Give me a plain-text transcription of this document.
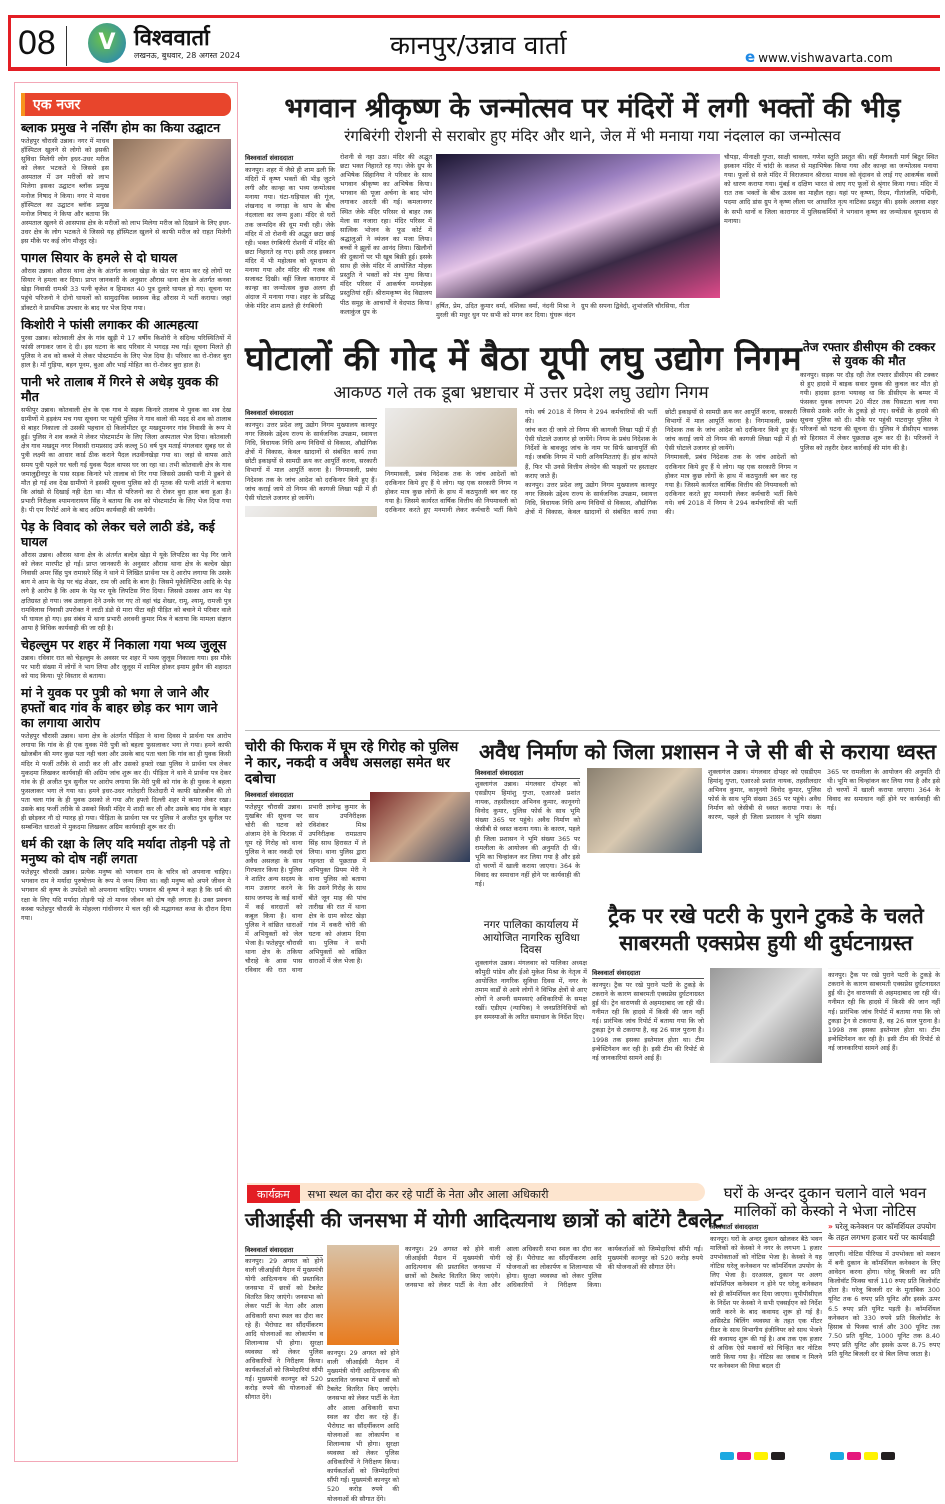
08	V विश्ववार्ता
लखनऊ, बुधवार, 28 अगस्त 2024	कानपुर/उन्नाव वार्ता	e www.vishwavarta.com
एक नजर
ब्लाक प्रमुख ने नर्सिंग होम का किया उद्घाटन
फतेहपुर चौरासी उन्नाव। नगर में माधव हॉस्पिटल खुलने से लोगो को इसकी सुविधा मिलेगी लोग इधर-उधर मरीज को लेकर भटकते थे जिससे इस अस्पताल में उन मरीजों को लाभ मिलेगा इसका उद्घाटन ब्लॉक प्रमुख मनोज निषाद ने किया। नगर मे माधव हॉस्पिटल का उद्घाटन ब्लॉक प्रमुख मनोज निषाद ने किया और बताया कि अस्पताल खुलने से आसपास क्षेत्र के मरीजों को लाभ मिलेगा मरीज को दिखाने के लिए इधर-उधर क्षेत्र के लोग भटकते थे जिससे यह हॉस्पिटल खुलने से काफी मरीज को राहत मिलेगी इस मौके पर कई लोग मौजूद रहे।
पागल सियार के हमले से दो घायल
औरास उन्नाव। औरास थाना क्षेत्र के अंतर्गत कनवा खेड़ा के खेत पर काम कर रहे लोगों पर सियार ने हमला कर दिया। प्राप्त जानकारी के अनुसार औरास थाना क्षेत्र के अंतर्गत कनवा खेड़ा निवासी रामश्री 33 पत्नी बृजेश व हिमावत 40 पुत्र दुलारे घायल हो गए। सूचना पर पहुंचे परिजनो ने दोनो घायलों को सामुदायिक स्वास्थ्य केंद्र औरास मे भर्ती कराया। जहां डॉक्टरो ने प्राथमिक उपचार के बाद घर भेज दिया गया।
किशोरी ने फांसी लगाकर की आत्महत्या
पुरवा उन्नाव। कोतवाली क्षेत्र के गांव खुड़ी मे 17 वर्षीय किशोरी ने संदिग्ध परिस्थितियों में फांसी लगाकर जान दे दी। इस घटना के बाद परिवार मे भगदड़ मच गई। सूचना मिलते ही पुलिस ने शव को कब्जे मे लेकर पोस्टमार्टम के लिए भेज दिया है। परिवार का रो-रोकर बुरा हाल है। माँ गुड़िया, बहन पूनम, बुआ और भाई मोहित का रो-रोकर बुरा हाल है।
पानी भरे तालाब में गिरने से अधेड़ युवक की मौत
सफीपुर उन्नाव। कोतवाली क्षेत्र के एक गाव मे सड़क किनारे तालाब मे युवक का शव देख ग्रामीणों मे हड़कंप मच गया सूचना पर पहुंची पुलिस ने गाव वालो की मदद से शव को तालाब से बाहर निकाला तो उसकी पहचान दो किलोमीटर दूर मखदूमनगर गांव निवासी के रूप मे हुई। पुलिस ने शव कब्जे मे लेकर पोस्टमार्टम के लिए जिला अस्पताल भेज दिया। कोतवाली क्षेत्र गाव मखदूम नगर निवासी रामप्रसाद उर्फ कल्लू 50 वर्ष पुत्र मताई मंगलवार सुबह घर से पुत्री लक्ष्मी का आधार कार्ड ठीक कराने पैदल लउवीनखेड़ा गया था। जहां से वापस आते समय पुत्री पहले घर चली गई युवक पैदल वापस घर जा रहा था। तभी कोतवाली क्षेत्र के गाव जमालुद्दीनपुर के पास सड़क किनारे भरे तालाब वो गिर गया जिससे उसकी पानी मे डूबने से मौत हो गई शव देख ग्रामीणो ने इसकी सूचना पुलिस को दी मृतक की पत्नी शांती ने बताया कि आंखो से दिखाई नही देता था। मौत से परिजनो का रो रोकर बुरा हाल बना हुआ है। प्रभारी निरीक्षक श्यामनारायण सिंह ने बताया कि शव को पोस्टमार्टम के लिए भेज दिया गया है। पी एम रिपोर्ट आने के बाद अग्रिम कार्यवाही की जायेगी।
पेड़ के विवाद को लेकर चले लाठी डंडे, कई घायल
औरास उन्नाव। औरास थाना क्षेत्र के अंतर्गत बल्देव खेड़ा मे यूके लिपटिस का पेड़ गिर जाने को लेकर मारपीट हो गई। प्राप्त जानकारी के अनुसार औरास थाना क्षेत्र के बल्देव खेड़ा निवासी अमर सिंह पुत्र रामासरे सिंह ने थाने मे लिखित प्रार्थना पत्र दे आरोप लगाया कि उसके बाग मे आम के पेड़ पर चंद्र शेखर, राम जी आदि के बाग है। जिसमे यूकेलिप्टिस आदि के पेड़ लगे है आरोप है कि आम के पेड़ पर यूके लिपटिस गिरा दिया। जिससे उसका आम का पेड़ क्षतिग्रस्त हो गया। जब उलाहना देने उनके घर गए तो वहां चंद्र शेखर, रामू, श्यामू, रामजी पुत्र रामविलास निवासी उपरोक्त ने लाठी डंडो से मारा पीटा वही पीड़ित को बचाने मे परिवार वाले भी घायल हो गए। इस संबंध मे थाना प्रभारी अरवनी कुमार मिश्र ने बताया कि मामला संज्ञान आया है विधिक कार्यवाही की जा रही है।
चेहल्लुम पर शहर में निकाला गया भव्य जुलूस
उन्नाव। रविवार रात को चेहल्लुम के अवसर पर शहर में भव्य जुलूस निकाला गया। इस मौके पर भारी संख्या में लोगों ने भाग लिया और जुलूस में शामिल होकर इमाम हुसैन की शहादत को याद किया। पूरे विस्तार से बताया।
मां ने युवक पर पुत्री को भगा ले जाने और हफ्तों बाद गांव के बाहर छोड़ कर भाग जाने का लगाया आरोप
फतेहपुर चौरासी उन्नाव। थाना क्षेत्र के अंतर्गत पीड़िता ने थाना दिवस मे प्रार्थना पत्र आरोप लगाया कि गांव के ही एक युवक मेरी पुत्री को बहला फुसलाकर भगा ले गया। हमने काफी खोजबीन की मगर कुछ पता नही चला और उसके बाद पता चला कि गांव का ही युवक किसी मंदिर मे फर्जी तरीके से शादी कर ली और उसको हफ्तो रखा पुलिस ने प्रार्थना पत्र लेकर मुकदमा लिखकर कार्यवाही की अग्रिम जांच शुरू कर दी। पीड़िता ने थाने मे प्रार्थना पत्र देकर गांव के ही अजीत पुत्र सुनील पर आरोप लगाया कि मेरी पुत्री को गांव के ही युवक ने बहला फुसलाकर भगा ले गया था। हमने इधर-उधर नातेदारी रिश्तेदारी मे काफी खोजबीन की तो पता चला गांव के ही युवक उसको ले गया और हफ्तो दिल्ली शहर मे कमरा लेकर रखा। उसके बाद फर्जी तरीके से उसको किसी मंदिर मे शादी कर ली और उसके बाद गांव के बाहर ही छोड़कर नौ दो ग्यारह हो गया। पीड़िता के प्रार्थना पत्र पर पुलिस ने अजीत पुत्र सुनील पर सम्बन्धित धाराओ मे मुकदमा लिखकर अग्रिम कार्यवाही शुरू कर दी।
धर्म की रक्षा के लिए यदि मर्यादा तोड़नी पड़े तो मनुष्य को दोष नहीं लगता
फतेहपुर चौरासी उन्नाव। प्रत्येक मनुष्य को भगवान राम के चरित्र को अपनाना चाहिए। भगवान राम ने मर्यादा पुरुषोत्तम के रूप मे जन्म लिया था। वही मनुष्य को अपने जीवन मे भगवान श्री कृष्ण के उपदेशो को अपनाना चाहिए। भगवान श्री कृष्ण ने कहा है कि धर्म की रक्षा के लिए यदि मर्यादा तोड़नी पड़े तो मानव जीवन को दोष नही लगता है। उक्त प्रवचन कस्बा फतेहपुर चौरासी के मोहल्ला गांधीनगर मे चल रही श्री मद्भागवत कथा के दौरान दिया गया।
भगवान श्रीकृष्ण के जन्मोत्सव पर मंदिरों में लगी भक्तों की भीड़
रंगबिरंगी रोशनी से सराबोर हुए मंदिर और थाने, जेल में भी मनाया गया नंदलाल का जन्मोत्सव
विश्ववार्ता संवाददाता
कानपुर। शहर में जैसे ही शाम ढली कि मंदिरों में कृष्ण भक्तों की भीड़ जुटने लगी और कान्हा का भव्य जन्मोत्सव मनाया गया। घंटा-घड़ियाल की गूंज, शंखनाद व नगाड़ा के थाप के बीच नंदलाला का जन्म हुआ। मंदिर से घरों तक जन्मदिन की धूम मची रही। जेके मंदिर में तो रोशनी की अद्भुत छटा छाई रही। भक्त रंगबिरंगी रोशनी में मंदिर की छटा निहारते रह गए। इसी तरह इस्कान मंदिर में भी महोत्सव को धूमधाम से मनाया गया और मंदिर की गजब की सजावट दिखी। वहीं जिला कारागार में कान्हा का जन्मोत्सव कुछ अलग ही अंदाज में मनाया गया। शहर के प्रसिद्ध जेके मंदिर शाम ढलते ही रंगबिरंगी
रोशनी से नहा उठा। मंदिर की अद्भुत छटा भक्त निहारते रह गए। जेके ग्रुप के अभिषेक सिंहानिया ने परिवार के साथ भगवान श्रीकृष्ण का अभिषेक किया। भगवान की पूजा अर्चना के बाद भोग लगाकर आरती की गई। कमलानगर स्थित जेके मंदिर परिसर से बाहर तक मेला सा नजारा रहा। मंदिर परिसर में सात्विक भोजन के फूड कोर्ट में श्रद्धालुओं ने व्यंजन का मजा लिया। बच्चों ने झूलों का आनंद लिया। खिलौनों की दुकानों पर भी खूब बिक्री हुई। इसके साथ ही जेके मंदिर में आयोजित मोहक प्रस्तुति ने भक्तों को मंत्र मुग्ध किया। मंदिर परिसर में आकर्षण मनमोहक प्रस्तुतियां रहीं। श्रीरामकृष्ण वेद विद्यालय पीठ समूह के आचार्यों ने वेदपाठ किया। कलाकुंज ग्रुप के
हर्षित, प्रेम, उदित कुमार वर्मा, वंशिका वर्मा, नंदनी मिश्रा ने मुरली की मधुर धुन पर सभी को मगन कर दिया। घुंघरू वंदन ग्रुप की सपना द्विवेदी, शुभांजलि चौरसिया, गीता
चौपड़ा, मीनाक्षी गुप्ता, साक्षी चावला, गणेश स्तुति प्रस्तुत की। वहीं मैनावती मार्ग बिठूर स्थित इस्कान मंदिर में चांदी के कलश से महाभिषेक किया गया और कान्हा का जन्मोत्सव मनाया गया। फूलों से सजे मंदिर में विराजमान श्रीराधा माधव को वृंदावन से लाई गए आकर्षक वस्त्रों को धारण कराया गया। मुंबई व दक्षिण भारत से लाए गए फूलों से श्रृंगार किया गया। मंदिर में रात तक भक्तों के बीच उत्सव का माहौल रहा। यहां पर कृष्णा, रिदम, गीतांजलि, पद्मिनी, पदमा आदि डांस ग्रुप ने कृष्ण लीला पर आधारित नृत्य नाटिका प्रस्तुत की। इसके अलावा शहर के सभी थानों व जिला कारागार में पुलिसकर्मियों ने भगवान कृष्ण का जन्मोत्सव धूमधाम से मनाया।
घोटालों की गोद में बैठा यूपी लघु उद्योग निगम
आकण्ठ गले तक डूबा भ्रष्टाचार में उत्तर प्रदेश लघु उद्योग निगम
विश्ववार्ता संवाददाता
कानपुर। उत्तर प्रदेश लघु उद्योग निगम मुख्यालय कानपुर नगर जिसके उद्देश्य राज्य के सार्वजनिक उपक्रम, स्वायत्त निधि, विधायक निधि अन्य निधियों से विकास, औद्योगिक क्षेत्रों में विकास, केवल खादानों से संबंधित कार्य तथा छोटी इकाइयों से सामग्री क्रय कर आपूर्ति करना, सरकारी विभागों में माल आपूर्ति करना है। निगमावली, प्रबंध निदेशक तक के जांच आदेश को दरकिनार किये हुए हैं। जांच कराई जाये तो निगम की कागजी लिखा पढ़ी में ही ऐसी घोटाले उजागर हो जायेंगे।
निगमावली, प्रबंध निदेशक तक के जांच आदेशों को दरकिनार किये हुए हैं ये लोग। यह एक सरकारी निगम न होकर मात्र कुछ लोगों के हाथ में कठपुतली बन कर रह गया है। जिसमे कार्यरत वार्षिक वित्तीय की नियमावली को दरकिनार करते हुए मनमानी लेकर कर्मचारी भर्ती किये गये। वर्ष 2018 में निगम ने 294 कर्मचारियों की भर्ती की।
जांच करा दी जाये तो निगम की कागजी लिखा पढ़ी में ही ऐसी घोटाले उजागर हो जायेंगे। निगम के प्रबंध निदेशक के निर्देशों के बावजूद जांच के नाम पर सिर्फ खानापूर्ति की गई। जबकि निगम में भारी अनियमितताएं हैं। हांथ कांपते हैं, फिर भी उनसे वित्तीय लेनदेन की फाइलों पर हस्ताक्षर कराए जाते हैं।
कानपुर। उत्तर प्रदेश लघु उद्योग निगम मुख्यालय कानपुर नगर जिसके उद्देश्य राज्य के सार्वजनिक उपक्रम, स्वायत्त निधि, विधायक निधि अन्य निधियों से विकास, औद्योगिक क्षेत्रों में विकास, केवल खादानों से संबंधित कार्य तथा छोटी इकाइयों से सामग्री क्रय कर आपूर्ति करना, सरकारी विभागों में माल आपूर्ति करना है। निगमावली, प्रबंध निदेशक तक के जांच आदेश को दरकिनार किये हुए हैं। जांच कराई जाये तो निगम की कागजी लिखा पढ़ी में ही ऐसी घोटाले उजागर हो जायेंगे।
निगमावली, प्रबंध निदेशक तक के जांच आदेशों को दरकिनार किये हुए हैं ये लोग। यह एक सरकारी निगम न होकर मात्र कुछ लोगों के हाथ में कठपुतली बन कर रह गया है। जिसमे कार्यरत वार्षिक वित्तीय की नियमावली को दरकिनार करते हुए मनमानी लेकर कर्मचारी भर्ती किये गये। वर्ष 2018 में निगम ने 294 कर्मचारियों की भर्ती की।
तेज रफ्तार डीसीएम की टक्कर से युवक की मौत
कानपुर। सड़क पर दौड़ रही तेज रफ्तार डीसीएम की टक्कर से हुए हादसे में बाइक सवार युवक की कुचल कर मौत हो गयी। हादसा इतना भयावह था कि डीसीएम के बम्पर में फंसकर युवक लगभग 20 मीटर तक घिसटता चला गया जिससे उसके शरीर के टुकड़े हो गए। सचेंडी के हादसे की सूचना पुलिस को दी। मौके पर पहुंची पाटरापुर पुलिस ने परिजनों को घटना की सूचना दी। पुलिस ने डीसीएम चालक को हिरासत में लेकर पूछताछ शुरू कर दी है। परिजनों ने पुलिस को तहरीर देकर कार्रवाई की मांग की है।
चोरी की फिराक में घूम रहे गिरोह को पुलिस ने कार, नकदी व अवैध असलहा समेत धर दबोचा
विश्ववार्ता संवाददाता
फतेहपुर चौरासी उन्नाव। मुखबिर की सूचना पर चोरी की घटना को अंजाम देने के फिराक में घूम रहे गिरोह को थाना पुलिस ने कार नकदी एवं अवैध असलहा के साथ गिरफ्तार किया है। पुलिस ने शातिर अन्य सदस्य के नाम उजागर करने के साथ जनपद के कई थानों में कई वारदातों को कबूल किया है। थाना पुलिस ने वांछित धाराओं में अभियुक्तों को जेल भेजा है। फतेहपुर चौरासी थाना क्षेत्र के तकिया चौराहे के आस पास रविवार की रात थाना प्रभारी ज्ञानेन्द्र कुमार के साथ उपनिरीक्षक रविशंकर मिश्र उपनिरीक्षक रामप्रताप सिंह साथ हिरासत में ले लिया। थाना पुलिस द्वारा गहनता से पूछताछ में अभियुक्त प्रियम मेरी ने थाना पुलिस को बताया कि उसने गिरोह के साथ बीते जून माह की पांच तारीख की रात में थाना क्षेत्र के ग्राम कोरट खेड़ा गांव में वकरी चोरी की घटना को अंजाम दिया था। पुलिस ने सभी अभियुक्तों को वांछित धाराओं में जेल भेजा है।
अवैध निर्माण को जिला प्रशासन ने जे सी बी से कराया ध्वस्त
विश्ववार्ता संवाददाता
शुक्लागंज उन्नाव। मंगलवार दोपहर को एसडीएम हिमांशु गुप्ता, एआरओ प्रशांत नायक, तहसीलदार अभिनव कुमार, कानूनगो विनोद कुमार, पुलिस फोर्स के साथ भूमि संख्या 365 पर पहुंचे। अवैध निर्माण को जेसीबी से ध्वस्त कराया गया। के कारण, पहले ही जिला प्रशासन ने भूमि संख्या 365 पर रामलीला के आयोजन की अनुमति दी थी। भूमि का चिन्हांकन कर लिया गया है और इसे दो चरणों में खाली कराया जाएगा। 364 के विवाद का समाधान नहीं होने पर कार्यवाही की गई।
शुक्लागंज उन्नाव। मंगलवार दोपहर को एसडीएम हिमांशु गुप्ता, एआरओ प्रशांत नायक, तहसीलदार अभिनव कुमार, कानूनगो विनोद कुमार, पुलिस फोर्स के साथ भूमि संख्या 365 पर पहुंचे। अवैध निर्माण को जेसीबी से ध्वस्त कराया गया। के कारण, पहले ही जिला प्रशासन ने भूमि संख्या 365 पर रामलीला के आयोजन की अनुमति दी थी। भूमि का चिन्हांकन कर लिया गया है और इसे दो चरणों में खाली कराया जाएगा। 364 के विवाद का समाधान नहीं होने पर कार्यवाही की गई।
नगर पालिका कार्यालय में आयोजित नागरिक सुविधा दिवस
शुक्लागंज उन्नाव। मंगलवार को पालिका अध्यक्ष कौमुदी पांडेय और ईओ मुकेश मिश्रा के नेतृत्व में आयोजित नागरिक सुविधा दिवस में, नगर के तमाम वार्डों से आये लोगों ने विभिन्न क्षेत्रों से आए लोगों ने अपनी समस्याएं अधिकारियों के समक्ष रखीं। एडीएम (न्यायिक) ने जनप्रतिनिधियों को इन समस्याओं के त्वरित समाधान के निर्देश दिए।
ट्रैक पर रखे पटरी के पुराने टुकडे के चलते साबरमती एक्सप्रेस हुयी थी दुर्घटनाग्रस्त
विश्ववार्ता संवाददाता
कानपुर। ट्रैक पर रखे पुराने पटरी के टुकड़े के टकराने के कारण साबरमती एक्सप्रेस दुर्घटनाग्रस्त हुई थी। ट्रेन वाराणसी से अहमदाबाद जा रही थी। गनीमत रही कि हादसे में किसी की जान नहीं गई। प्रारंभिक जांच रिपोर्ट में बताया गया कि जो टुकड़ा ट्रेन से टकराया है, वह 26 साल पुराना है। 1998 तक इसका इस्तेमाल होता था। टीम इन्वेस्टिगेशन कर रही है। इसी टीम की रिपोर्ट से नई जानकारियां सामने आई हैं।
कानपुर। ट्रैक पर रखे पुराने पटरी के टुकड़े के टकराने के कारण साबरमती एक्सप्रेस दुर्घटनाग्रस्त हुई थी। ट्रेन वाराणसी से अहमदाबाद जा रही थी। गनीमत रही कि हादसे में किसी की जान नहीं गई। प्रारंभिक जांच रिपोर्ट में बताया गया कि जो टुकड़ा ट्रेन से टकराया है, वह 26 साल पुराना है। 1998 तक इसका इस्तेमाल होता था। टीम इन्वेस्टिगेशन कर रही है। इसी टीम की रिपोर्ट से नई जानकारियां सामने आई हैं।
कार्यक्रम सभा स्थल का दौरा कर रहे पार्टी के नेता और आला अधिकारी
जीआईसी की जनसभा में योगी आदित्यनाथ छात्रों को बांटेंगे टैबलेट
विश्ववार्ता संवाददाता
कानपुर। 29 अगस्त को होने वाली जीआईसी मैदान में मुख्यमंत्री योगी आदित्यनाथ की प्रस्तावित जनसभा में छात्रों को टैबलेट वितरित किए जाएंगे। जनसभा को लेकर पार्टी के नेता और आला अधिकारी सभा स्थल का दौरा कर रहे हैं। भैरोघाट का सौंदर्यीकरण आदि योजनाओं का लोकार्पण व शिलान्यास भी होगा। सुरक्षा व्यवस्था को लेकर पुलिस अधिकारियों ने निरीक्षण किया। कार्यकर्ताओं को जिम्मेदारियां सौंपी गईं। मुख्यमंत्री कानपुर को 520 करोड़ रुपये की योजनाओं की सौगात देंगे।
कानपुर। 29 अगस्त को होने वाली जीआईसी मैदान में मुख्यमंत्री योगी आदित्यनाथ की प्रस्तावित जनसभा में छात्रों को टैबलेट वितरित किए जाएंगे। जनसभा को लेकर पार्टी के नेता और आला अधिकारी सभा स्थल का दौरा कर रहे हैं। भैरोघाट का सौंदर्यीकरण आदि योजनाओं का लोकार्पण व शिलान्यास भी होगा। सुरक्षा व्यवस्था को लेकर पुलिस अधिकारियों ने निरीक्षण किया। कार्यकर्ताओं को जिम्मेदारियां सौंपी गईं। मुख्यमंत्री कानपुर को 520 करोड़ रुपये की योजनाओं की सौगात देंगे।
कानपुर। 29 अगस्त को होने वाली जीआईसी मैदान में मुख्यमंत्री योगी आदित्यनाथ की प्रस्तावित जनसभा में छात्रों को टैबलेट वितरित किए जाएंगे। जनसभा को लेकर पार्टी के नेता और आला अधिकारी सभा स्थल का दौरा कर रहे हैं। भैरोघाट का सौंदर्यीकरण आदि योजनाओं का लोकार्पण व शिलान्यास भी होगा। सुरक्षा व्यवस्था को लेकर पुलिस अधिकारियों ने निरीक्षण किया। कार्यकर्ताओं को जिम्मेदारियां सौंपी गईं। मुख्यमंत्री कानपुर को 520 करोड़ रुपये की योजनाओं की सौगात देंगे।
घरों के अन्दर दुकान चलाने वाले भवन मालिकों को केस्को ने भेजा नोटिस
विश्ववार्ता संवाददाता
कानपुर। घरों के अन्दर दुकान खोलकर बैठे भवन मालिकों को केस्को ने नगर के लगभग 1 हजार उपभोक्ताओं को नोटिस भेजा है। केस्को ने यह नोटिस घरेलू कनेक्शन पर कॉमर्शियल उपयोग के लिए भेजा है। दरअसल, दुकान पर अलग कॉमर्शियल कनेक्शन न होने पर घरेलू कनेक्शन को ही कॉमर्शियल कर दिया जाएगा। यूपीपीसीएल के निर्देश पर केस्को ने सभी एक्सईएन को निर्देश जारी करने के बाद कवायद शुरू हो गई है। असिस्टेड बिलिंग व्यवस्था के तहत एक मीटर रीडर के साथ विभागीय इंजीनियर को साथ भेजने की कवायद शुरू की गई है। अब तक एक हजार से अधिक ऐसे मकानों को चिन्हित कर नोटिस जारी किया गया है। नोटिस का जवाब न मिलने पर कनेक्शन की विधा बदल दी
» घरेलू कनेक्शन पर कॉमर्शियल उपयोग के तहत लगभग हजार घरों पर कार्यवाही
जाएगी। नोटिस पीरियड में उपभोक्ता को मकान में बनी दुकान के कॉमर्शियल कनेक्शन के लिए आवेदन करना होगा। घरेलू बिजली का प्रति किलोवॉट फिक्स चार्ज 110 रुपए प्रति किलोवॉट होता है। घरेलू बिजली दर के मुताबिक 300 यूनिट तक 6 रुपए प्रति यूनिट और इसके ऊपर 6.5 रुपए प्रति यूनिट पड़ती है। कॉमर्शियल कनेक्शन को 330 रुपये प्रति किलोवॉट के हिसाब से फिक्स चार्ज और 300 यूनिट तक 7.50 प्रति यूनिट, 1000 यूनिट तक 8.40 रुपए प्रति यूनिट और इसके ऊपर 8.75 रुपए प्रति यूनिट बिजली दर से बिल लिया जाता है।
